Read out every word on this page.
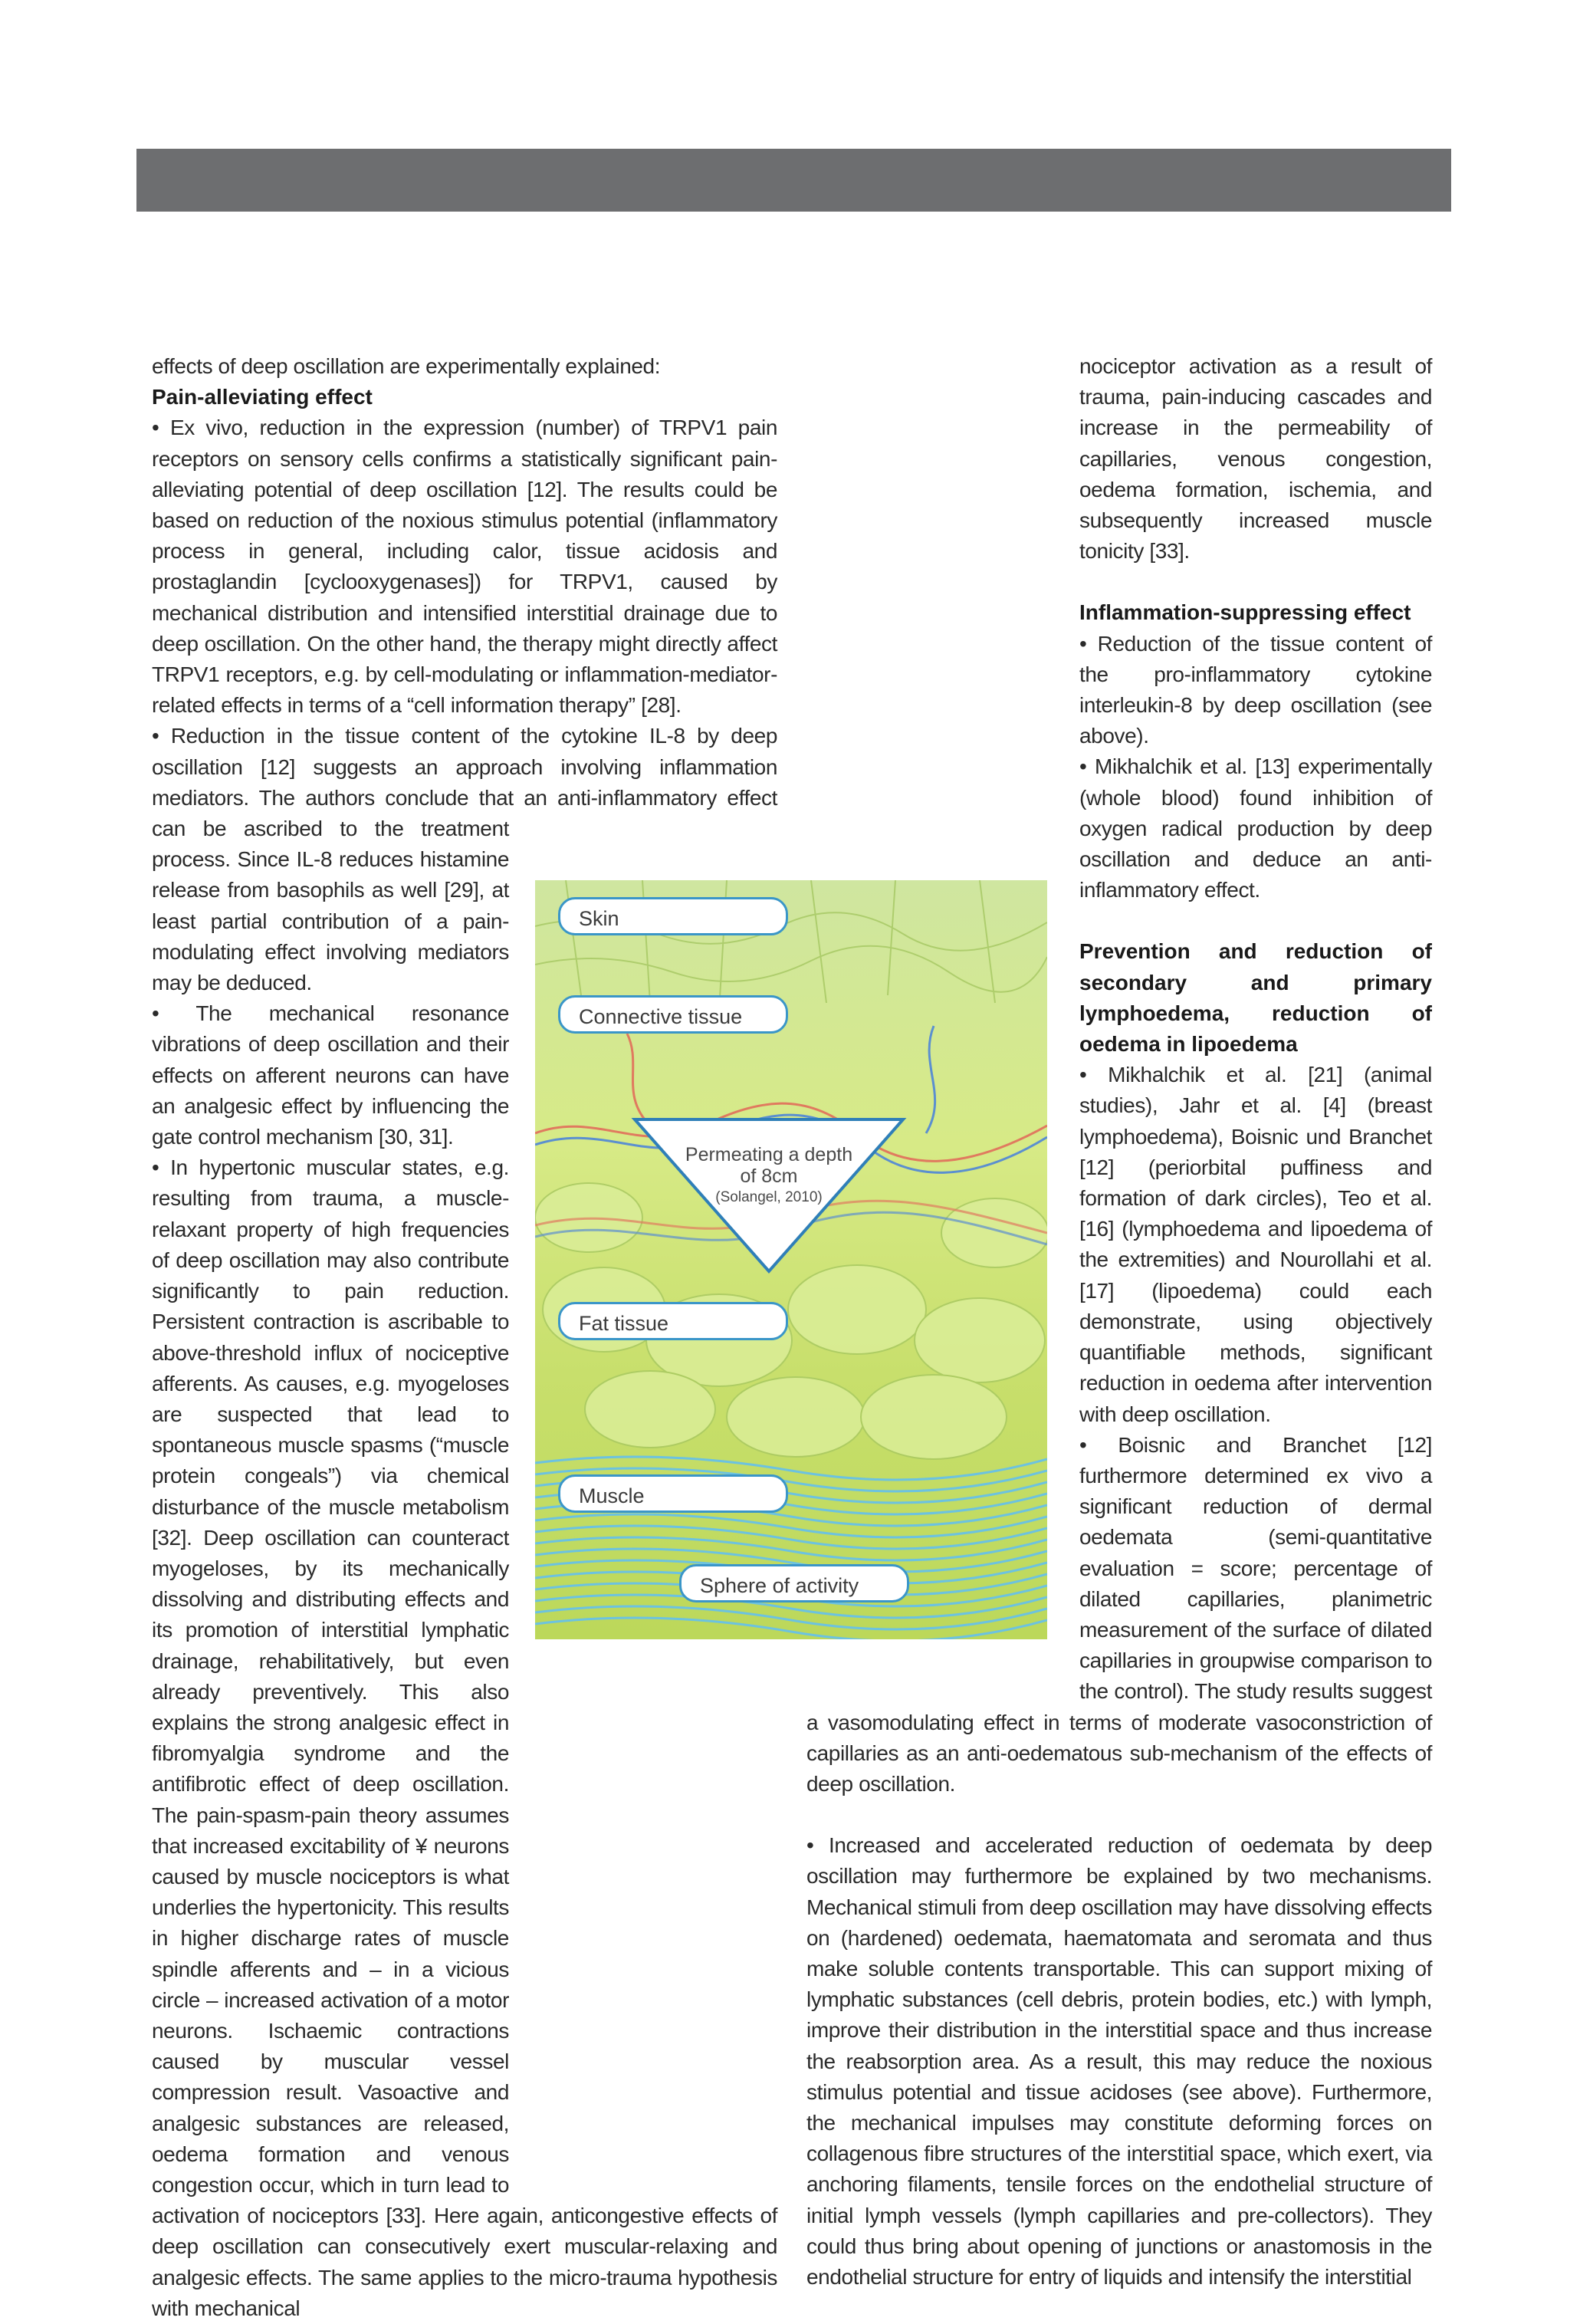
effects of deep oscillation are experimentally explained:

Pain-alleviating effect

• Ex vivo, reduction in the expression (number) of TRPV1 pain receptors on sensory cells confirms a statistically significant pain-alleviating potential of deep oscillation [12]. The results could be based on reduction of the noxious stimulus potential (inflammatory process in general, including calor, tissue acidosis and prostaglandin [cyclooxygenases]) for TRPV1, caused by mechanical distribution and intensified interstitial drainage due to deep oscillation. On the other hand, the therapy might directly affect TRPV1 receptors, e.g. by cell-modulating or inflammation-mediator-related effects in terms of a “cell information therapy” [28].

• Reduction in the tissue content of the cytokine IL-8 by deep oscillation [12] suggests an approach involving inflammation mediators. The authors conclude that an anti-inflammatory effect can be ascribed to the treatment process. Since IL-8 reduces histamine release from basophils as well [29], at least partial contribution of a pain-modulating effect involving mediators may be deduced.

• The mechanical resonance vibrations of deep oscillation and their effects on afferent neurons can have an analgesic effect by influencing the gate control mechanism [30, 31].

• In hypertonic muscular states, e.g. resulting from trauma, a muscle-relaxant property of high frequencies of deep oscillation may also contribute significantly to pain reduction. Persistent contraction is ascribable to above-threshold influx of nociceptive afferents. As causes, e.g. myogeloses are suspected that lead to spontaneous muscle spasms (“muscle protein congeals”) via chemical disturbance of the muscle metabolism [32]. Deep oscillation can counteract myogeloses, by its mechanically dissolving and distributing effects and its promotion of interstitial lymphatic drainage, rehabilitatively, but even already preventively. This also explains the strong analgesic effect in fibromyalgia syndrome and the antifibrotic effect of deep oscillation. The pain-spasm-pain theory assumes that increased excitability of ¥ neurons caused by muscle nociceptors is what underlies the hypertonicity. This results in higher discharge rates of muscle spindle afferents and – in a vicious circle – increased activation of a motor neurons. Ischaemic contractions caused by muscular vessel compression result. Vasoactive and analgesic substances are released, oedema formation and venous congestion occur, which in turn lead to activation of nociceptors [33]. Here again, anticongestive effects of deep oscillation can consecutively exert muscular-relaxing and analgesic effects. The same applies to the micro-trauma hypothesis with mechanical

nociceptor activation as a result of trauma, pain-inducing cascades and increase in the permeability of capillaries, venous congestion, oedema formation, ischemia, and subsequently increased muscle tonicity [33].

Inflammation-suppressing effect

• Reduction of the tissue content of the pro-inflammatory cytokine interleukin-8 by deep oscillation (see above).

• Mikhalchik et al. [13] experimentally (whole blood) found inhibition of oxygen radical production by deep oscillation and deduce an anti-inflammatory effect.

Prevention and reduction of secondary and primary lymphoedema, reduction of oedema in lipoedema

• Mikhalchik et al. [21] (animal studies), Jahr et al. [4] (breast lymphoedema), Boisnic und Branchet [12] (periorbital puffiness and formation of dark circles), Teo et al. [16] (lymphoedema and lipoedema of the extremities) and Nourollahi et al. [17] (lipoedema) could each demonstrate, using objectively quantifiable methods, significant reduction in oedema after intervention with deep oscillation.

• Boisnic and Branchet [12] furthermore determined ex vivo a significant reduction of dermal oedemata (semi-quantitative evaluation = score; percentage of dilated capillaries, planimetric measurement of the surface of dilated capillaries in groupwise comparison to the control). The study results suggest a vasomodulating effect in terms of moderate vasoconstriction of capillaries as an anti-oedematous sub-mechanism of the effects of deep oscillation.

• Increased and accelerated reduction of oedemata by deep oscillation may furthermore be explained by two mechanisms. Mechanical stimuli from deep oscillation may have dissolving effects on (hardened) oedemata, haematomata and seromata and thus make soluble contents transportable. This can support mixing of lymphatic substances (cell debris, protein bodies, etc.) with lymph, improve their distribution in the interstitial space and thus increase the reabsorption area. As a result, this may reduce the noxious stimulus potential and tissue acidoses (see above). Furthermore, the mechanical impulses may constitute deforming forces on collagenous fibre structures of the interstitial space, which exert, via anchoring filaments, tensile forces on the endothelial structure of initial lymph vessels (lymph capillaries and pre-collectors). They could thus bring about opening of junctions or anastomosis in the endothelial structure for entry of liquids and intensify the interstitial

Skin
Connective tissue
Fat tissue
Muscle
Sphere of activity
Permeating a depth
of 8cm
(Solangel, 2010)
